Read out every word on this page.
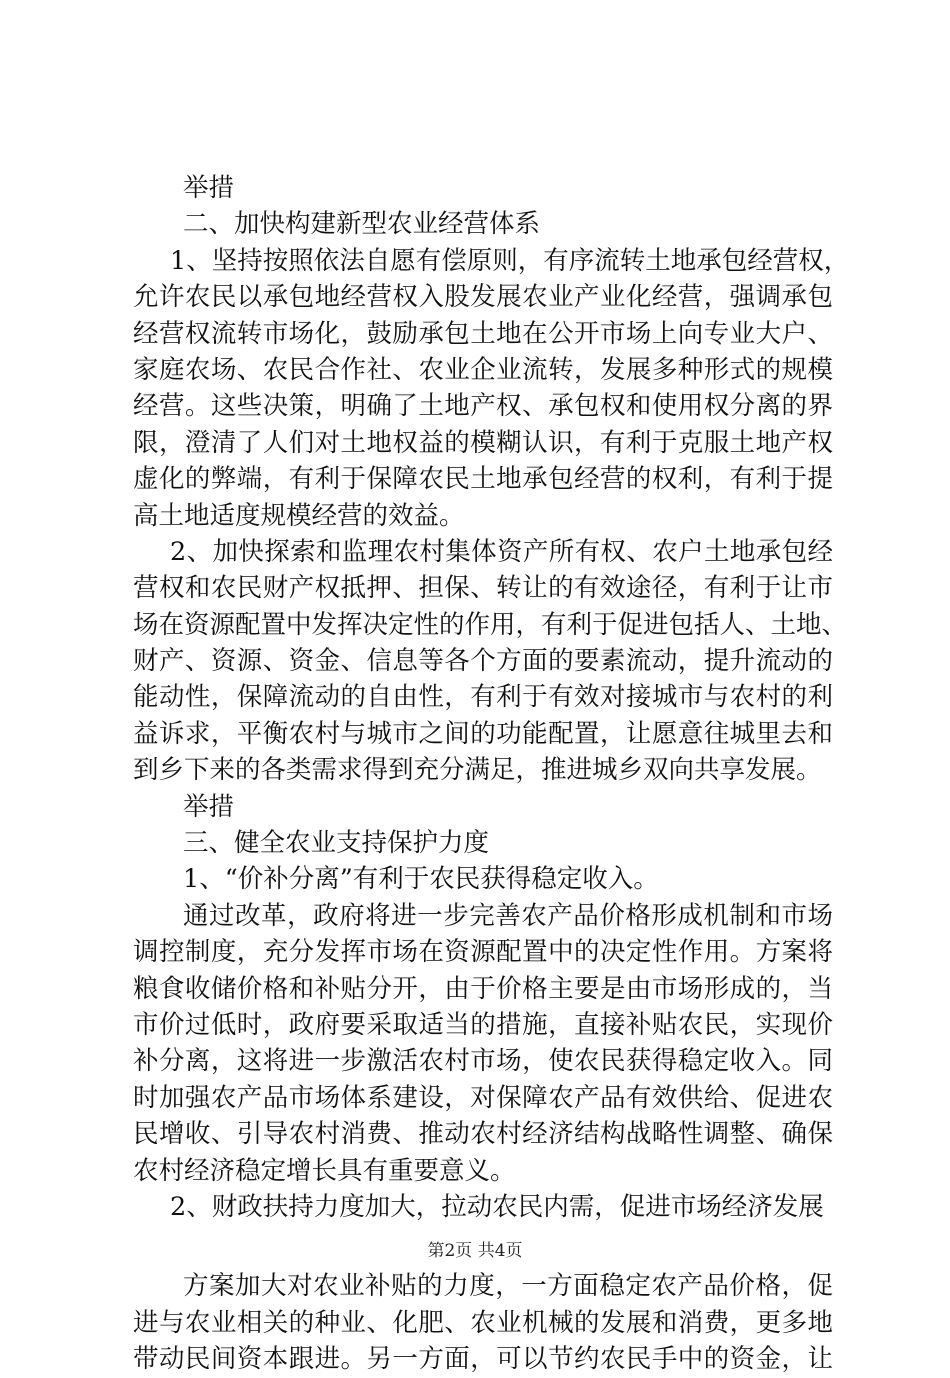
举措
二、加快构建新型农业经营体系
1、坚持按照依法自愿有偿原则，有序流转土地承包经营权，
允许农民以承包地经营权入股发展农业产业化经营，强调承包
经营权流转市场化，鼓励承包土地在公开市场上向专业大户、
家庭农场、农民合作社、农业企业流转，发展多种形式的规模
经营。这些决策，明确了土地产权、承包权和使用权分离的界
限，澄清了人们对土地权益的模糊认识，有利于克服土地产权
虚化的弊端，有利于保障农民土地承包经营的权利，有利于提
高土地适度规模经营的效益。
2、加快探索和监理农村集体资产所有权、农户土地承包经
营权和农民财产权抵押、担保、转让的有效途径，有利于让市
场在资源配置中发挥决定性的作用，有利于促进包括人、土地、
财产、资源、资金、信息等各个方面的要素流动，提升流动的
能动性，保障流动的自由性，有利于有效对接城市与农村的利
益诉求，平衡农村与城市之间的功能配置，让愿意往城里去和
到乡下来的各类需求得到充分满足，推进城乡双向共享发展。
举措
三、健全农业支持保护力度
1、“价补分离”有利于农民获得稳定收入。
通过改革，政府将进一步完善农产品价格形成机制和市场
调控制度，充分发挥市场在资源配置中的决定性作用。方案将
粮食收储价格和补贴分开，由于价格主要是由市场形成的，当
市价过低时，政府要采取适当的措施，直接补贴农民，实现价
补分离，这将进一步激活农村市场，使农民获得稳定收入。同
时加强农产品市场体系建设，对保障农产品有效供给、促进农
民增收、引导农村消费、推动农村经济结构战略性调整、确保
农村经济稳定增长具有重要意义。
2、财政扶持力度加大，拉动农民内需，促进市场经济发展
方案加大对农业补贴的力度，一方面稳定农产品价格，促
进与农业相关的种业、化肥、农业机械的发展和消费，更多地
带动民间资本跟进。另一方面，可以节约农民手中的资金，让
第2页 共4页
